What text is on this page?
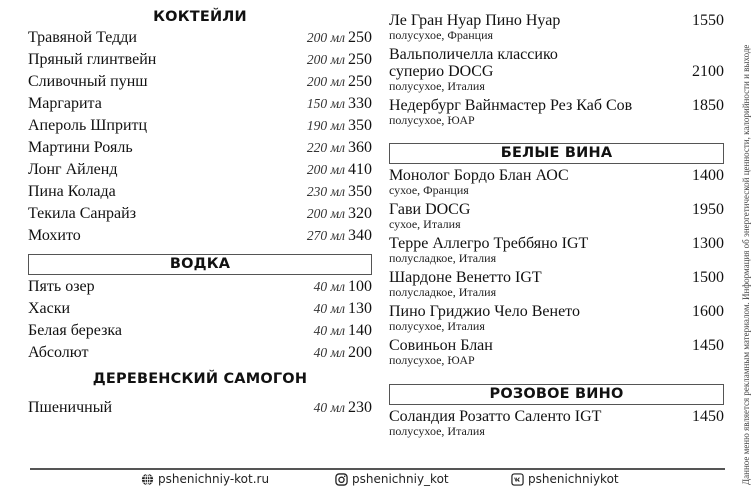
КОКТЕЙЛИ
Травяной Тедди	200 мл 250
Пряный глинтвейн	200 мл 250
Сливочный пунш	200 мл 250
Маргарита	150 мл 330
Апероль Шпритц	190 мл 350
Мартини Рояль	220 мл 360
Лонг Айленд	200 мл 410
Пина Колада	230 мл 350
Текила Санрайз	200 мл 320
Мохито	270 мл 340
ВОДКА
Пять озер	40 мл 100
Хаски	40 мл 130
Белая березка	40 мл 140
Абсолют	40 мл 200
ДЕРЕВЕНСКИЙ САМОГОН
Пшеничный	40 мл 230
Ле Гран Нуар Пино Нуар	1550
полусухое, Франция
Вальполичелла классико
суперио DOCG	2100
полусухое, Италия
Недербург Вайнмастер Рез Каб Сов	1850
полусухое, ЮАР
БЕЛЫЕ ВИНА
Монолог Бордо Блан АОС	1400
сухое, Франция
Гави DOCG	1950
сухое, Италия
Терре Аллегро Треббяно IGT	1300
полусладкое, Италия
Шардоне Венетто IGT	1500
полусладкое, Италия
Пино Гриджио Чело Венето	1600
полусухое, Италия
Совиньон Блан	1450
полусухое, ЮАР
РОЗОВОЕ ВИНО
Соландия Розатто Саленто IGT	1450
полусухое, Италия
pshenichniy-kot.ru	pshenichniy_kot	pshenichniykot	Данное меню является рекламным материалом. Информация об энергетической ценности, калорийности и выходе
